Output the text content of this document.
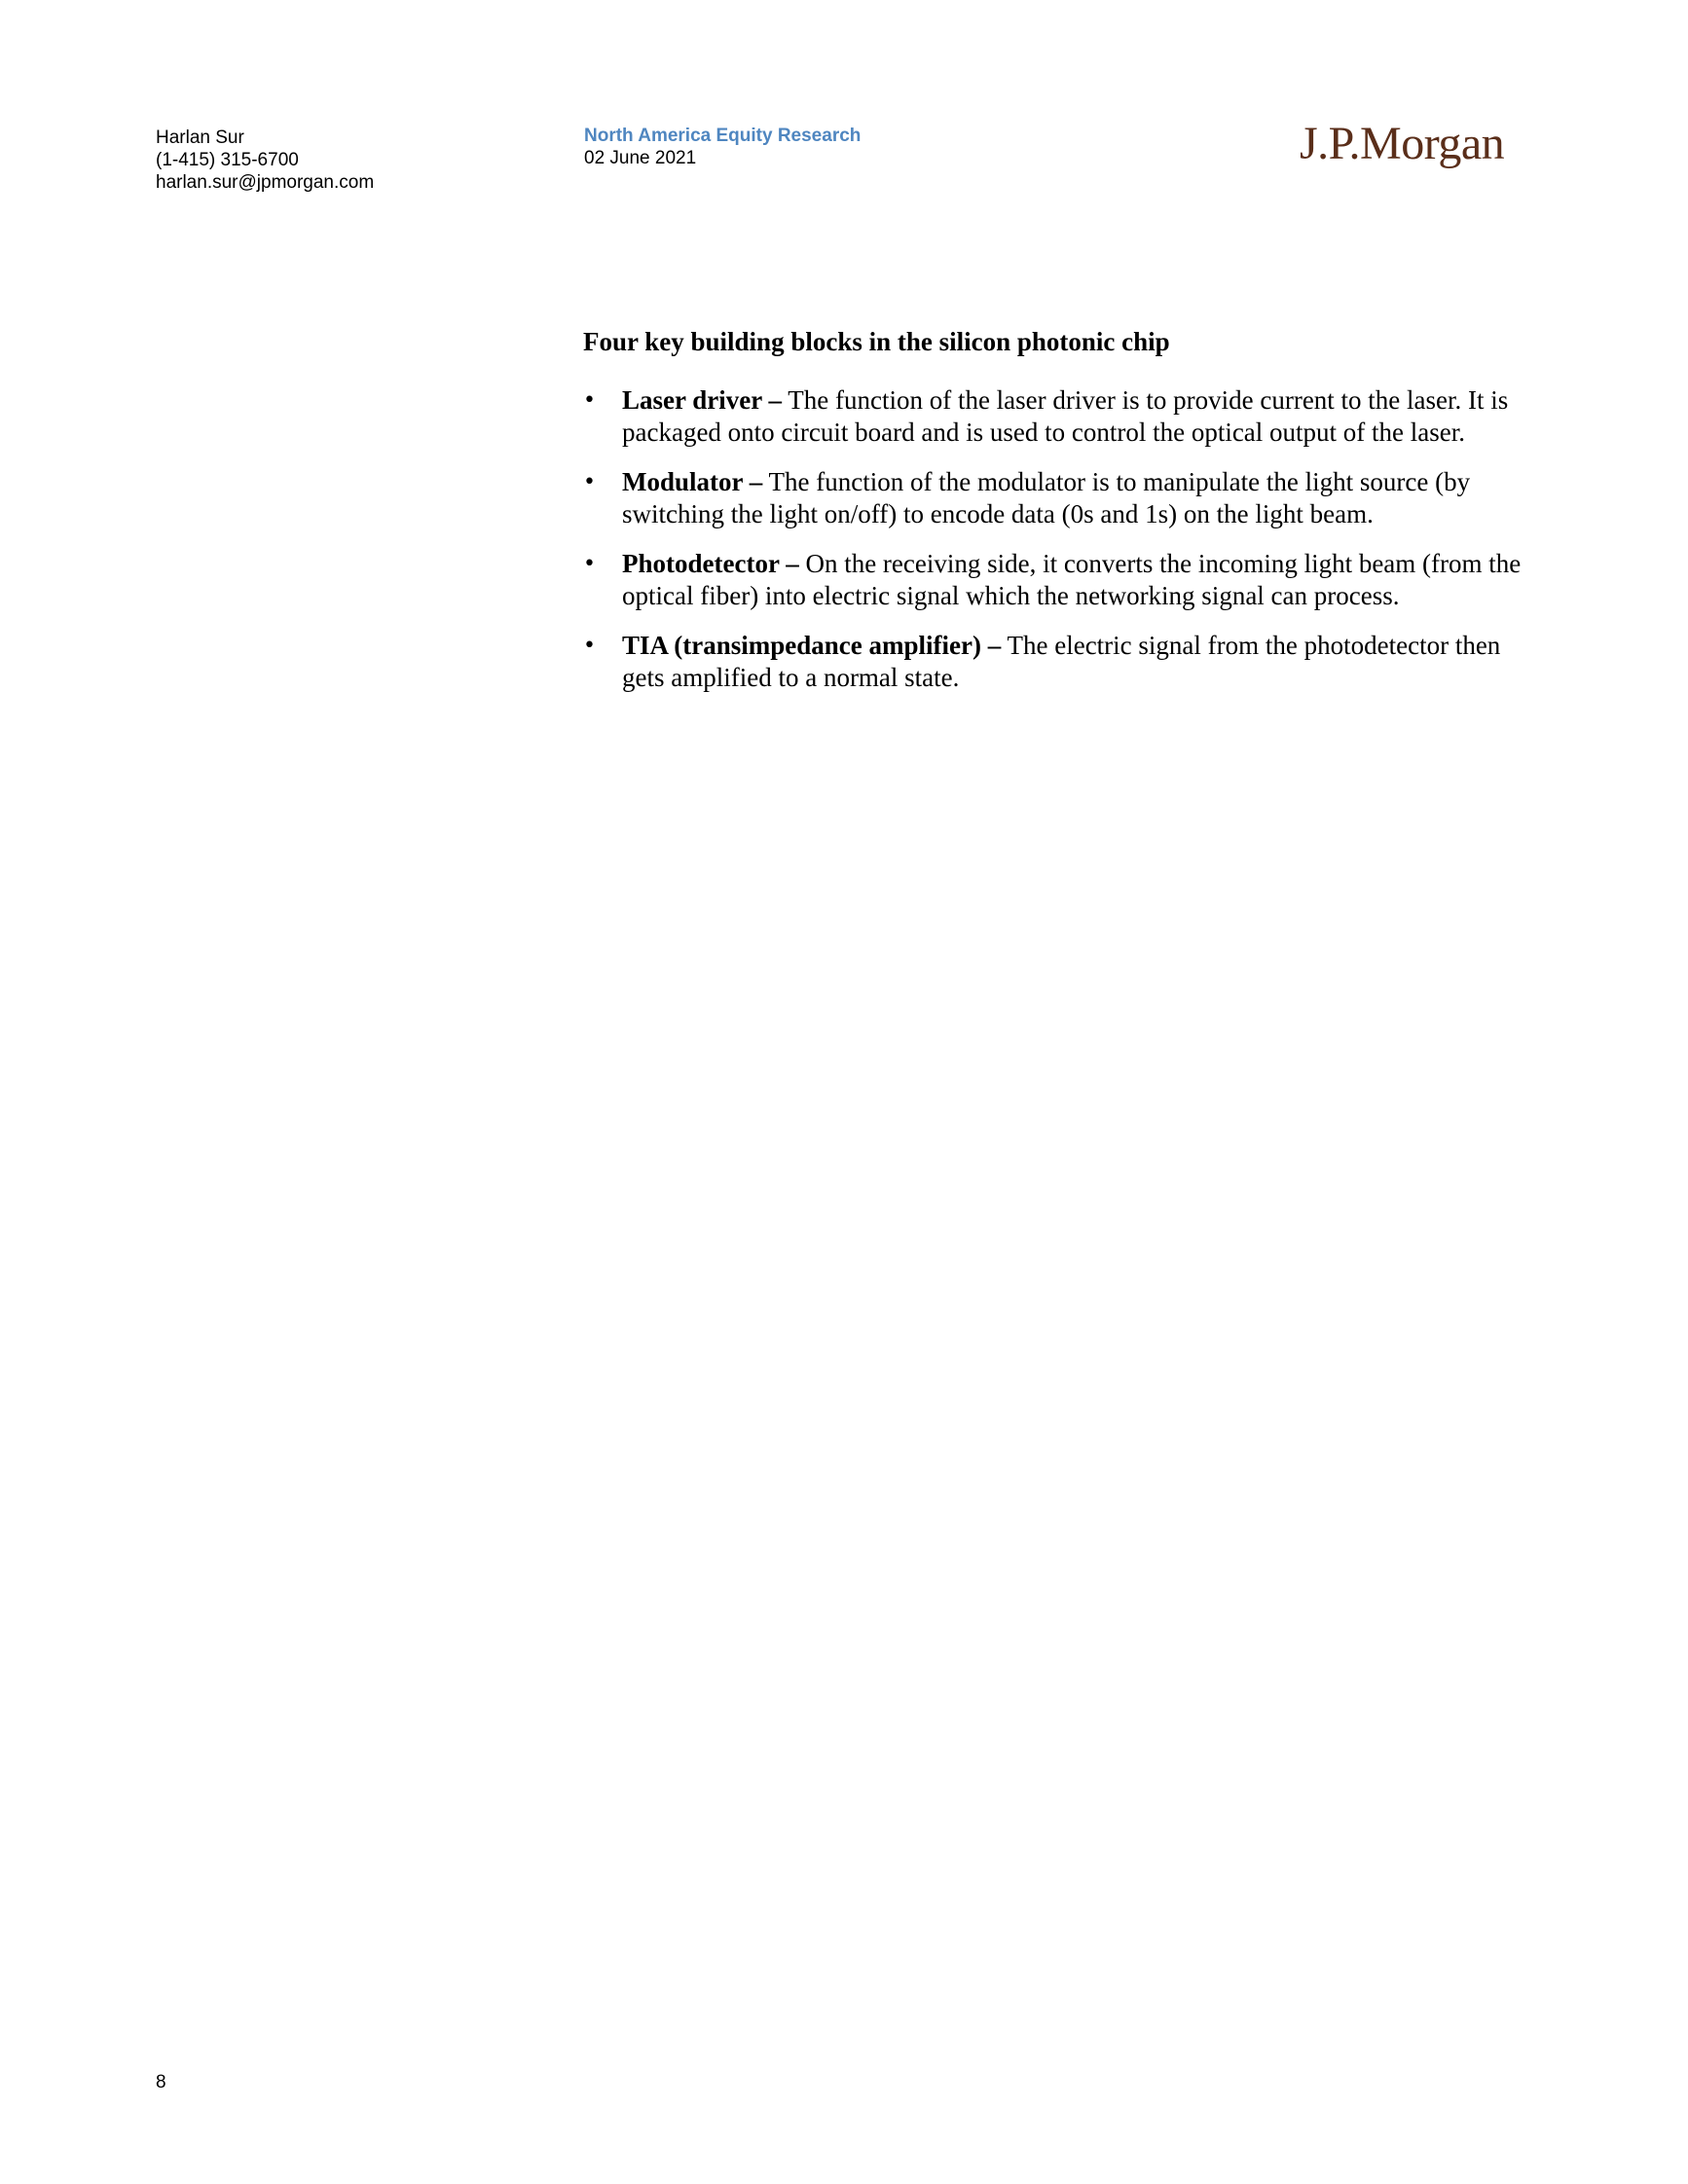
Harlan Sur
(1-415) 315-6700
harlan.sur@jpmorgan.com
North America Equity Research
02 June 2021	J.P.Morgan
Four key building blocks in the silicon photonic chip
• Laser driver – The function of the laser driver is to provide current to the laser. It is packaged onto circuit board and is used to control the optical output of the laser.
• Modulator – The function of the modulator is to manipulate the light source (by switching the light on/off) to encode data (0s and 1s) on the light beam.
• Photodetector – On the receiving side, it converts the incoming light beam (from the optical fiber) into electric signal which the networking signal can process.
• TIA (transimpedance amplifier) – The electric signal from the photodetector then gets amplified to a normal state.
8
